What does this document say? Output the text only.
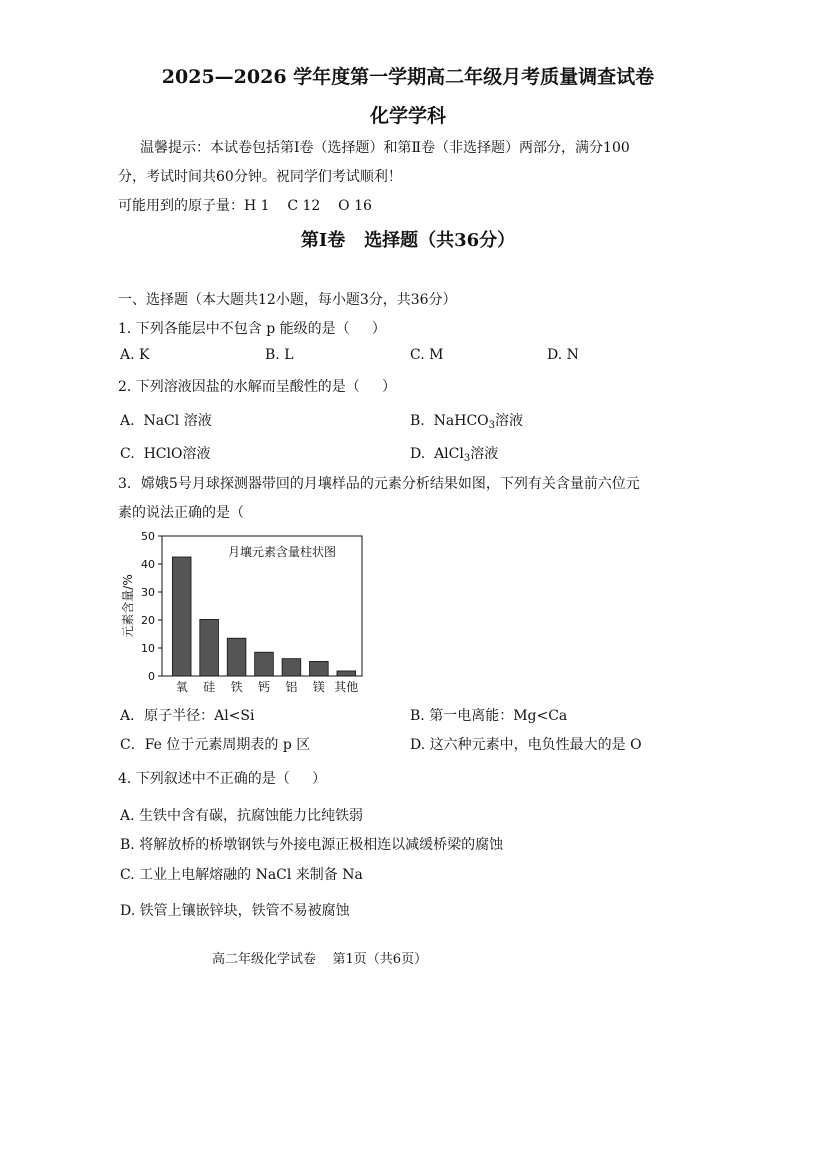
2025—2026 学年度第一学期高二年级月考质量调查试卷
化学学科
温馨提示：本试卷包括第Ⅰ卷（选择题）和第Ⅱ卷（非选择题）两部分，满分100
分，考试时间共60分钟。祝同学们考试顺利！
可能用到的原子量：H 1    C 12    O 16
第Ⅰ卷   选择题（共36分）
一、选择题（本大题共12小题，每小题3分，共36分）
1. 下列各能层中不包含 p 能级的是（     ）
A. K	B. L	C. M	D. N
2. 下列溶液因盐的水解而呈酸性的是（     ）
A.  NaCl 溶液	B.  NaHCO$_3$溶液
C.  HClO溶液	D.  AlCl$_3$溶液
3．嫦娥5号月球探测器带回的月壤样品的元素分析结果如图，下列有关含量前六位元
素的说法正确的是（
元素含量/%
0
10
20
30
40
50
月壤元素含量柱状图
氧 硅 铁 钙 铝 镁 其他
A．原子半径：Al<Si	B. 第一电离能：Mg<Ca
C．Fe 位于元素周期表的 p 区	D. 这六种元素中，电负性最大的是 O
4. 下列叙述中不正确的是（     ）
A. 生铁中含有碳，抗腐蚀能力比纯铁弱
B. 将解放桥的桥墩钢铁与外接电源正极相连以减缓桥梁的腐蚀
C. 工业上电解熔融的 NaCl 来制备 Na
D. 铁管上镶嵌锌块，铁管不易被腐蚀
高二年级化学试卷    第1页（共6页）
